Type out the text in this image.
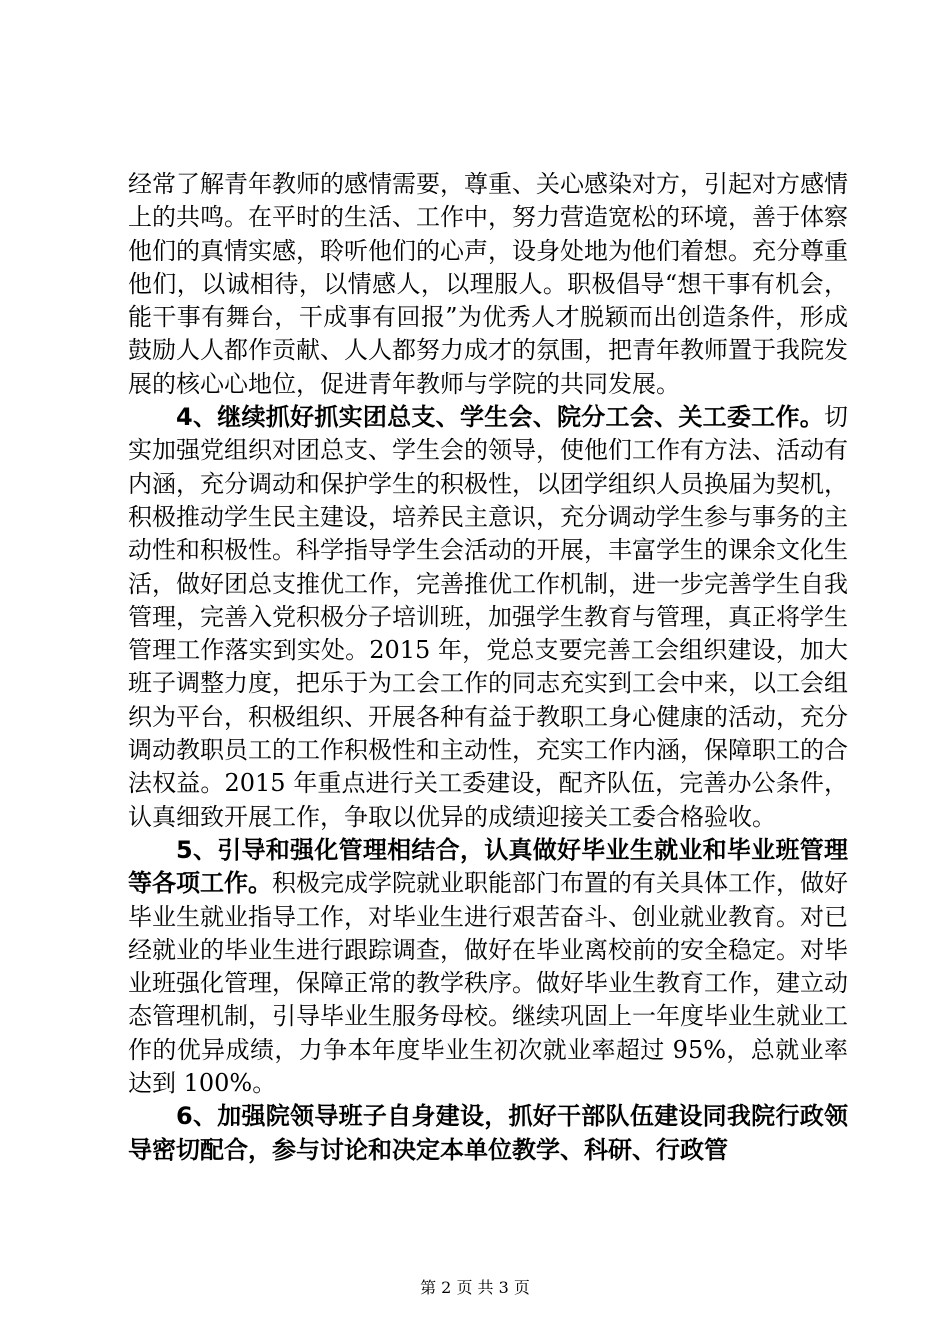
经常了解青年教师的感情需要，尊重、关心感染对方，引起对方感情上的共鸣。在平时的生活、工作中，努力营造宽松的环境，善于体察他们的真情实感，聆听他们的心声，设身处地为他们着想。充分尊重他们，以诚相待，以情感人，以理服人。职极倡导“想干事有机会，能干事有舞台，干成事有回报”为优秀人才脱颖而出创造条件，形成鼓励人人都作贡献、人人都努力成才的氛围，把青年教师置于我院发展的核心心地位，促进青年教师与学院的共同发展。

4、继续抓好抓实团总支、学生会、院分工会、关工委工作。切实加强党组织对团总支、学生会的领导，使他们工作有方法、活动有内涵，充分调动和保护学生的积极性，以团学组织人员换届为契机，积极推动学生民主建设，培养民主意识，充分调动学生参与事务的主动性和积极性。科学指导学生会活动的开展，丰富学生的课余文化生活，做好团总支推优工作，完善推优工作机制，进一步完善学生自我管理，完善入党积极分子培训班，加强学生教育与管理，真正将学生管理工作落实到实处。2015 年，党总支要完善工会组织建设，加大班子调整力度，把乐于为工会工作的同志充实到工会中来，以工会组织为平台，积极组织、开展各种有益于教职工身心健康的活动，充分调动教职员工的工作积极性和主动性，充实工作内涵，保障职工的合法权益。2015 年重点进行关工委建设，配齐队伍，完善办公条件，认真细致开展工作，争取以优异的成绩迎接关工委合格验收。

5、引导和强化管理相结合，认真做好毕业生就业和毕业班管理等各项工作。积极完成学院就业职能部门布置的有关具体工作，做好毕业生就业指导工作，对毕业生进行艰苦奋斗、创业就业教育。对已经就业的毕业生进行跟踪调查，做好在毕业离校前的安全稳定。对毕业班强化管理，保障正常的教学秩序。做好毕业生教育工作，建立动态管理机制，引导毕业生服务母校。继续巩固上一年度毕业生就业工作的优异成绩，力争本年度毕业生初次就业率超过 95%，总就业率达到 100%。

6、加强院领导班子自身建设，抓好干部队伍建设同我院行政领导密切配合，参与讨论和决定本单位教学、科研、行政管

第 2 页 共 3 页
